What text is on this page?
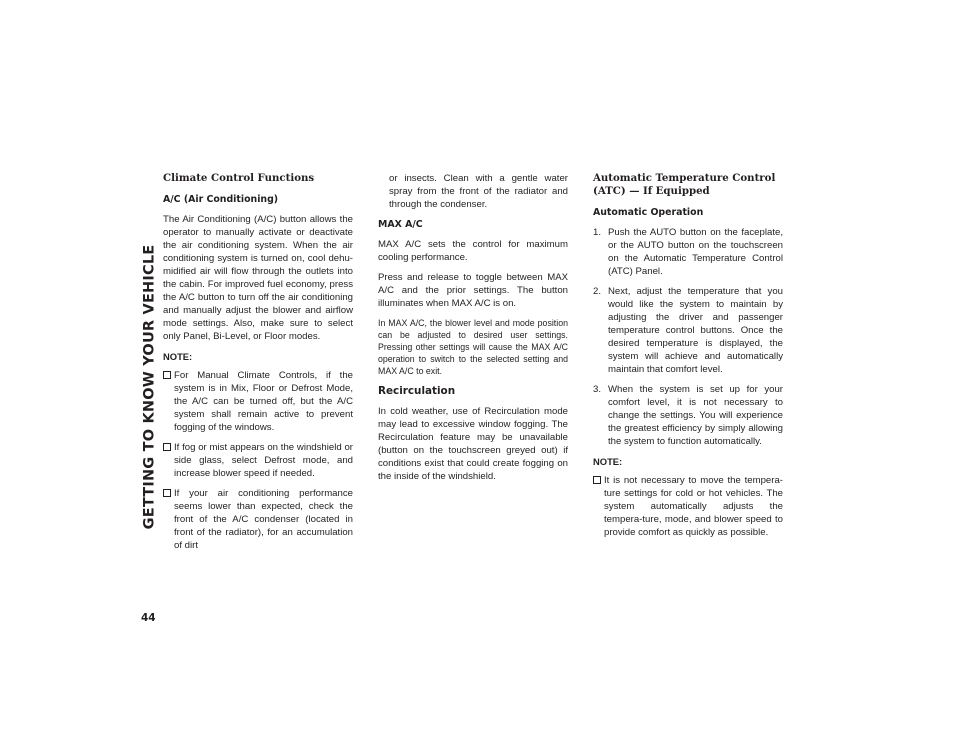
GETTING TO KNOW YOUR VEHICLE
44
Climate Control Functions
A/C (Air Conditioning)

The Air Conditioning (A/C) button allows the operator to manually activate or deactivate the air conditioning system. When the air conditioning system is turned on, cool dehu-midified air will flow through the outlets into the cabin. For improved fuel economy, press the A/C button to turn off the air conditioning and manually adjust the blower and airflow mode settings. Also, make sure to select only Panel, Bi-Level, or Floor modes.

NOTE:
For Manual Climate Controls, if the system is in Mix, Floor or Defrost Mode, the A/C can be turned off, but the A/C system shall remain active to prevent fogging of the windows.
If fog or mist appears on the windshield or side glass, select Defrost mode, and increase blower speed if needed.
If your air conditioning performance seems lower than expected, check the front of the A/C condenser (located in front of the radiator), for an accumulation of dirt
or insects. Clean with a gentle water spray from the front of the radiator and through the condenser.
MAX A/C

MAX A/C sets the control for maximum cooling performance.

Press and release to toggle between MAX A/C and the prior settings. The button illuminates when MAX A/C is on.

In MAX A/C, the blower level and mode position can be adjusted to desired user settings. Pressing other settings will cause the MAX A/C operation to switch to the selected setting and MAX A/C to exit.

Recirculation

In cold weather, use of Recirculation mode may lead to excessive window fogging. The Recirculation feature may be unavailable (button on the touchscreen greyed out) if conditions exist that could create fogging on the inside of the windshield.

Automatic Temperature Control (ATC) — If Equipped
Automatic Operation
1. Push the AUTO button on the faceplate, or the AUTO button on the touchscreen on the Automatic Temperature Control (ATC) Panel.
2. Next, adjust the temperature that you would like the system to maintain by adjusting the driver and passenger temperature control buttons. Once the desired temperature is displayed, the system will achieve and automatically maintain that comfort level.
3. When the system is set up for your comfort level, it is not necessary to change the settings. You will experience the greatest efficiency by simply allowing the system to function automatically.
NOTE:
It is not necessary to move the tempera-ture settings for cold or hot vehicles. The system automatically adjusts the tempera-ture, mode, and blower speed to provide comfort as quickly as possible.
